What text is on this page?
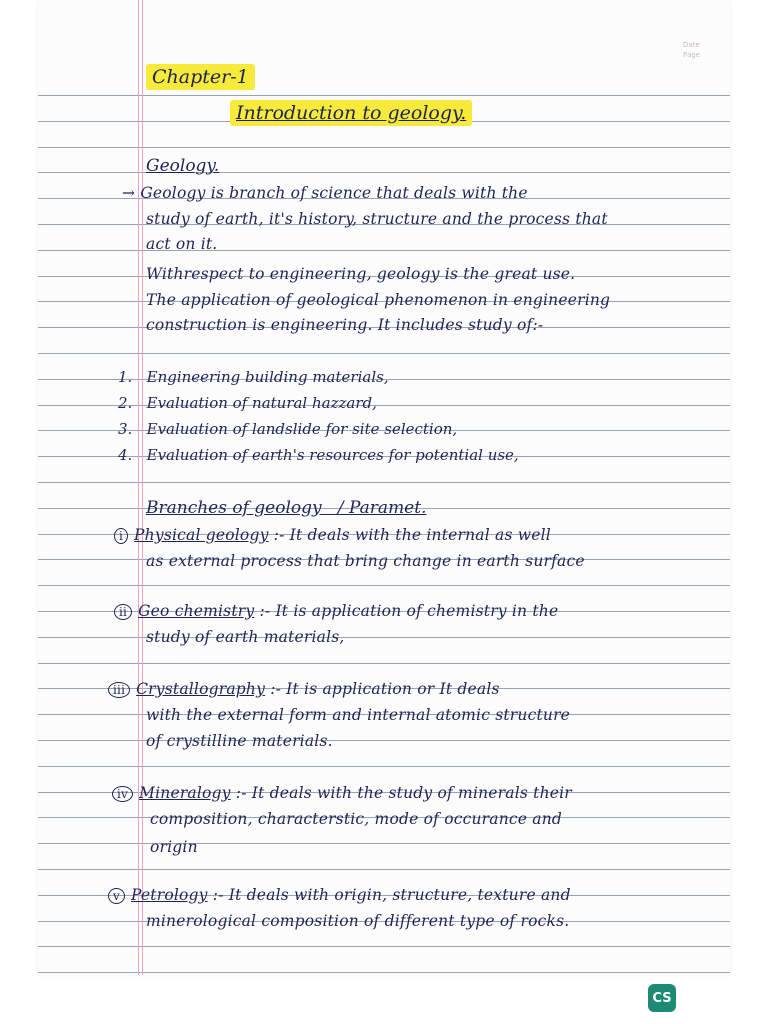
Date
Page
Chapter-1
Introduction to geology.
Geology.
→ Geology is branch of science that deals with the
study of earth, it's history, structure and the process that
act on it.
Withrespect to engineering, geology is the great use.
The application of geological phenomenon in engineering
construction is engineering. It includes study of:-
1. Engineering building materials,
2. Evaluation of natural hazzard,
3. Evaluation of landslide for site selection,
4. Evaluation of earth's resources for potential use,
Branches of geology / Paramet.
i Physical geology :- It deals with the internal as well
as external process that bring change in earth surface
ii Geo chemistry :- It is application of chemistry in the
study of earth materials,
iii Crystallography :- It is application or It deals
with the external form and internal atomic structure
of crystilline materials.
iv Mineralogy :- It deals with the study of minerals their
composition, characterstic, mode of occurance and
origin
v Petrology :- It deals with origin, structure, texture and
minerological composition of different type of rocks.
CS
